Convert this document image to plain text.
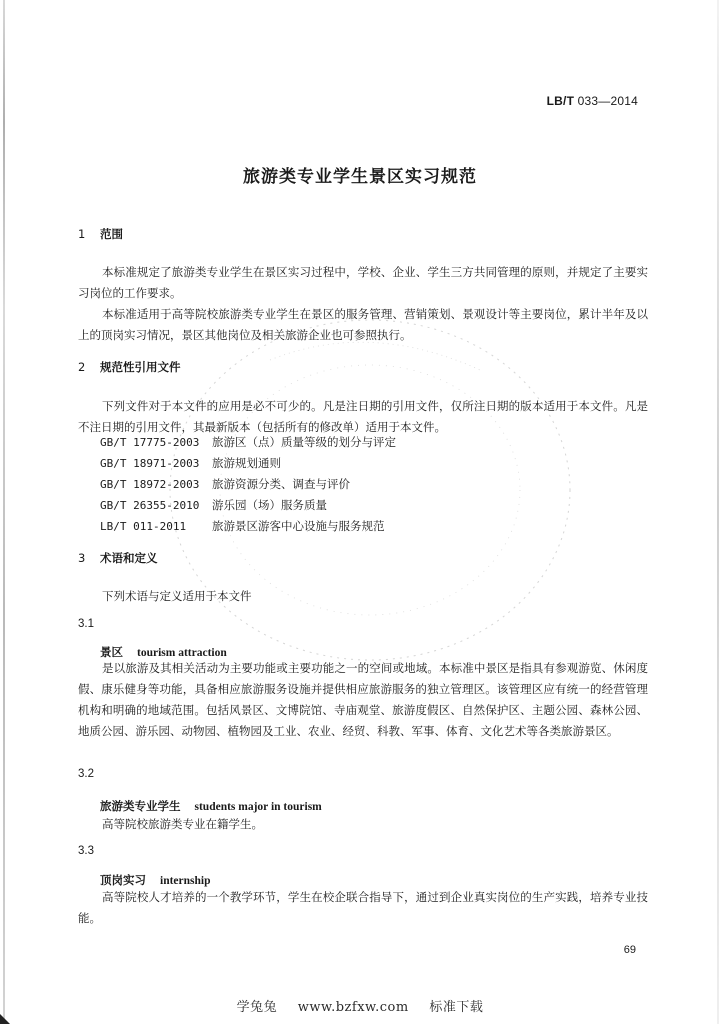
LB/T 033—2014
旅游类专业学生景区实习规范
1 范围
本标准规定了旅游类专业学生在景区实习过程中，学校、企业、学生三方共同管理的原则，并规定了主要实习岗位的工作要求。
本标准适用于高等院校旅游类专业学生在景区的服务管理、营销策划、景观设计等主要岗位，累计半年及以上的顶岗实习情况，景区其他岗位及相关旅游企业也可参照执行。
2 规范性引用文件
下列文件对于本文件的应用是必不可少的。凡是注日期的引用文件，仅所注日期的版本适用于本文件。凡是不注日期的引用文件，其最新版本（包括所有的修改单）适用于本文件。
GB/T 17775-2003 旅游区（点）质量等级的划分与评定
GB/T 18971-2003 旅游规划通则
GB/T 18972-2003 旅游资源分类、调查与评价
GB/T 26355-2010 游乐园（场）服务质量
LB/T 011-2011 旅游景区游客中心设施与服务规范
3 术语和定义
下列术语与定义适用于本文件
3.1
景区 tourism attraction
是以旅游及其相关活动为主要功能或主要功能之一的空间或地域。本标准中景区是指具有参观游览、休闲度假、康乐健身等功能，具备相应旅游服务设施并提供相应旅游服务的独立管理区。该管理区应有统一的经营管理机构和明确的地域范围。包括风景区、文博院馆、寺庙观堂、旅游度假区、自然保护区、主题公园、森林公园、地质公园、游乐园、动物园、植物园及工业、农业、经贸、科教、军事、体育、文化艺术等各类旅游景区。
3.2
旅游类专业学生 students major in tourism
高等院校旅游类专业在籍学生。
3.3
顶岗实习 internship
高等院校人才培养的一个教学环节，学生在校企联合指导下，通过到企业真实岗位的生产实践，培养专业技能。
69
学兔兔 www.bzfxw.com 标准下载
